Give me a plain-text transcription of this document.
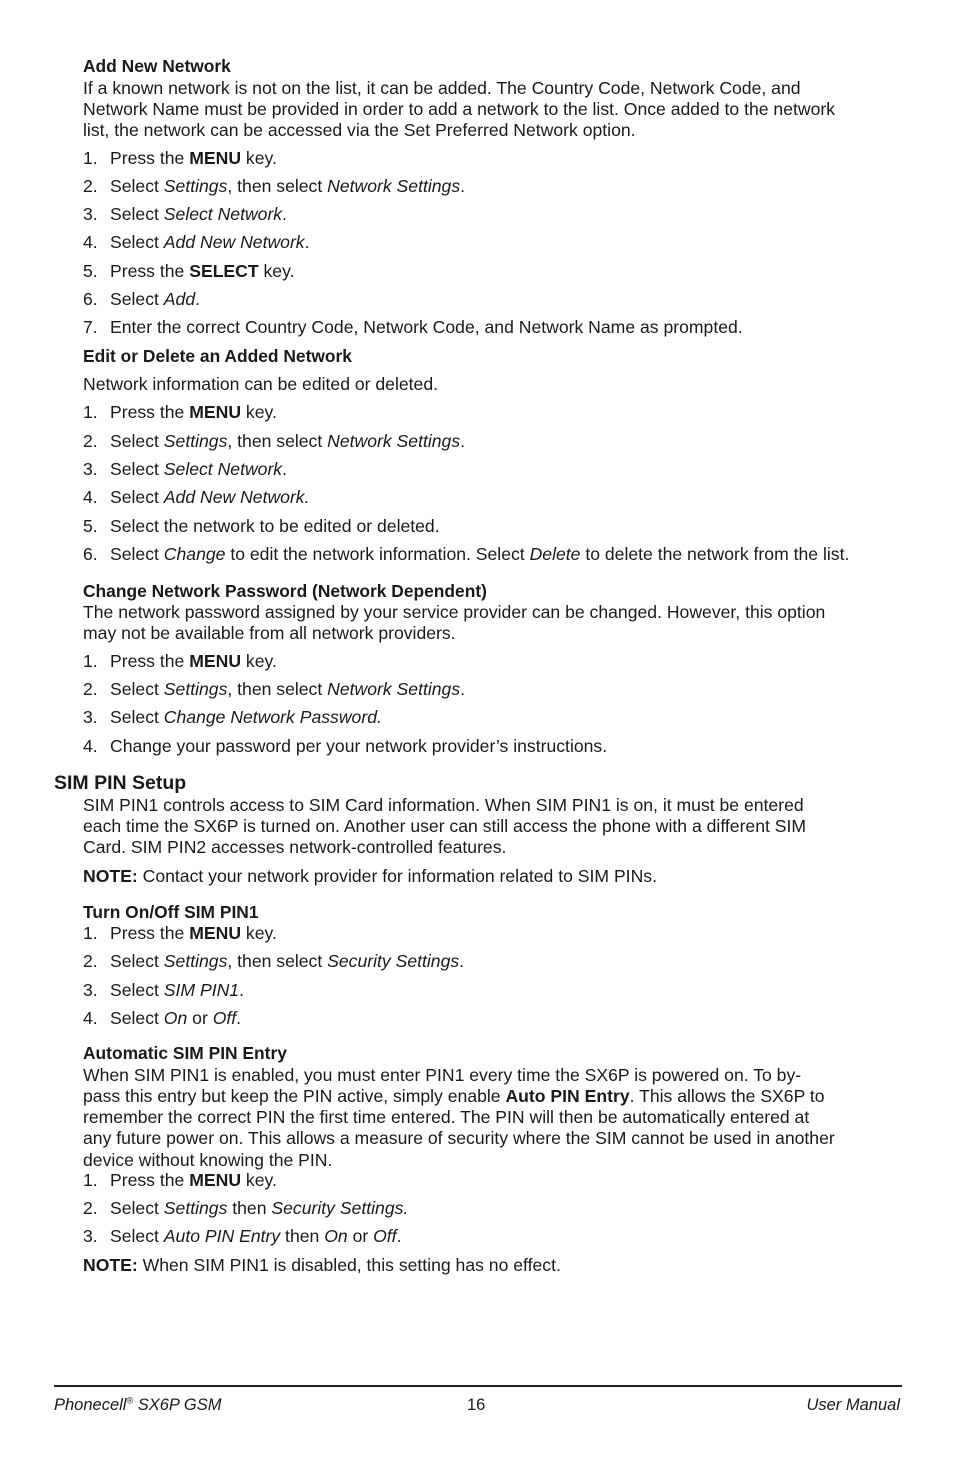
Add New Network
If a known network is not on the list, it can be added. The Country Code, Network Code, and
Network Name must be provided in order to add a network to the list. Once added to the network
list, the network can be accessed via the Set Preferred Network option.
1. Press the MENU key.
2. Select Settings, then select Network Settings.
3. Select Select Network.
4. Select Add New Network.
5. Press the SELECT key.
6. Select Add.
7. Enter the correct Country Code, Network Code, and Network Name as prompted.
Edit or Delete an Added Network
Network information can be edited or deleted.
1. Press the MENU key.
2. Select Settings, then select Network Settings.
3. Select Select Network.
4. Select Add New Network.
5. Select the network to be edited or deleted.
6. Select Change to edit the network information. Select Delete to delete the network from the list.
Change Network Password (Network Dependent)
The network password assigned by your service provider can be changed. However, this option
may not be available from all network providers.
1. Press the MENU key.
2. Select Settings, then select Network Settings.
3. Select Change Network Password.
4. Change your password per your network provider’s instructions.
SIM PIN Setup
SIM PIN1 controls access to SIM Card information. When SIM PIN1 is on, it must be entered
each time the SX6P is turned on. Another user can still access the phone with a different SIM
Card. SIM PIN2 accesses network-controlled features.
NOTE: Contact your network provider for information related to SIM PINs.
Turn On/Off SIM PIN1
1. Press the MENU key.
2. Select Settings, then select Security Settings.
3. Select SIM PIN1.
4. Select On or Off.
Automatic SIM PIN Entry
When SIM PIN1 is enabled, you must enter PIN1 every time the SX6P is powered on. To by-
pass this entry but keep the PIN active, simply enable Auto PIN Entry. This allows the SX6P to
remember the correct PIN the first time entered. The PIN will then be automatically entered at
any future power on. This allows a measure of security where the SIM cannot be used in another
device without knowing the PIN.
1. Press the MENU key.
2. Select Settings then Security Settings.
3. Select Auto PIN Entry then On or Off.
NOTE: When SIM PIN1 is disabled, this setting has no effect.
Phonecell® SX6P GSM	16	User Manual
